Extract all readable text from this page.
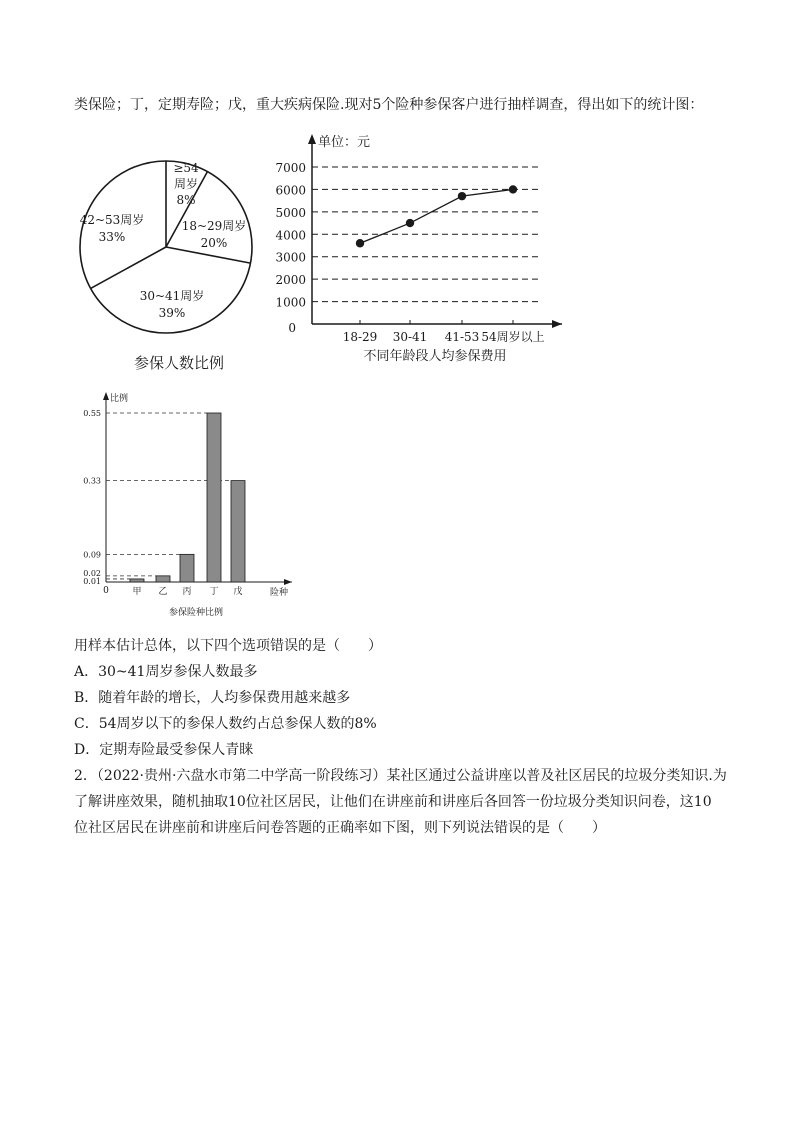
类保险；丁，定期寿险；戊，重大疾病保险.现对5个险种参保客户进行抽样调查，得出如下的统计图：
≥54
周岁
8%
18~29周岁
20%
30~41周岁
39%
42~53周岁
33%
参保人数比例
0
1000
2000
3000
4000
5000
6000
7000
18-29 30-41 41-53 54周岁以上
单位：元
不同年龄段人均参保费用
0.55
0.33
0.09
0.02
0.01
甲 乙 丙 丁 戊
比例
险种
0
参保险种比例
用样本估计总体，以下四个选项错误的是（　　）
A．30~41周岁参保人数最多
B．随着年龄的增长，人均参保费用越来越多
C．54周岁以下的参保人数约占总参保人数的8%
D．定期寿险最受参保人青睐
2．（2022·贵州·六盘水市第二中学高一阶段练习）某社区通过公益讲座以普及社区居民的垃圾分类知识.为
了解讲座效果，随机抽取10位社区居民，让他们在讲座前和讲座后各回答一份垃圾分类知识问卷，这10
位社区居民在讲座前和讲座后问卷答题的正确率如下图，则下列说法错误的是（　　）
